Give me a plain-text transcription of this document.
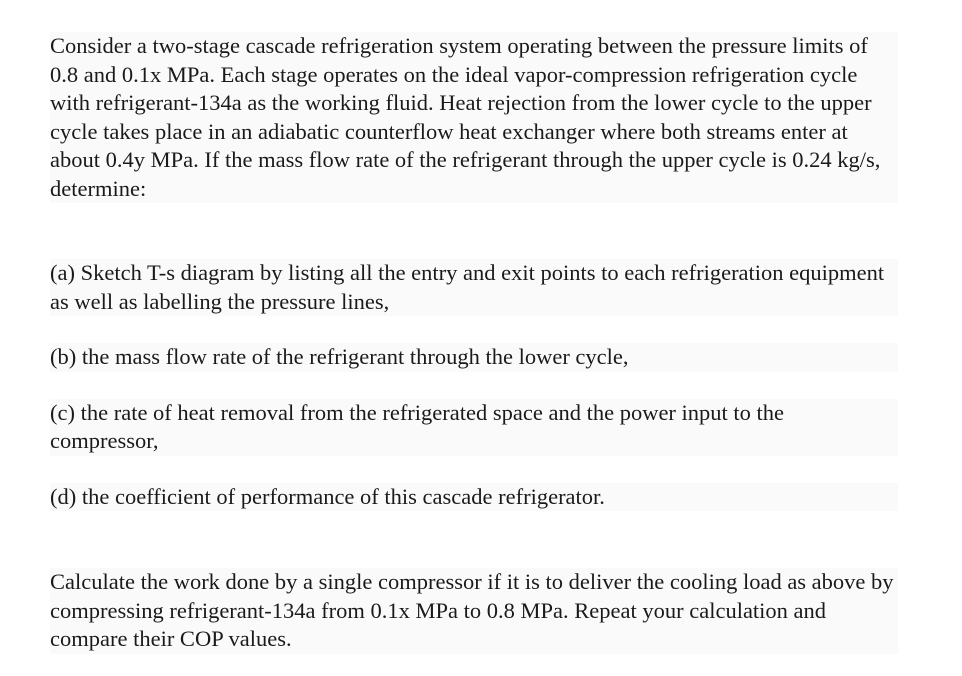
Consider a two-stage cascade refrigeration system operating between the pressure limits of 0.8 and 0.1x MPa. Each stage operates on the ideal vapor-compression refrigeration cycle with refrigerant-134a as the working fluid. Heat rejection from the lower cycle to the upper cycle takes place in an adiabatic counterflow heat exchanger where both streams enter at about 0.4y MPa. If the mass flow rate of the refrigerant through the upper cycle is 0.24 kg/s, determine:

(a) Sketch T-s diagram by listing all the entry and exit points to each refrigeration equipment as well as labelling the pressure lines,

(b) the mass flow rate of the refrigerant through the lower cycle,

(c) the rate of heat removal from the refrigerated space and the power input to the compressor,

(d) the coefficient of performance of this cascade refrigerator.

Calculate the work done by a single compressor if it is to deliver the cooling load as above by compressing refrigerant-134a from 0.1x MPa to 0.8 MPa. Repeat your calculation and compare their COP values.
